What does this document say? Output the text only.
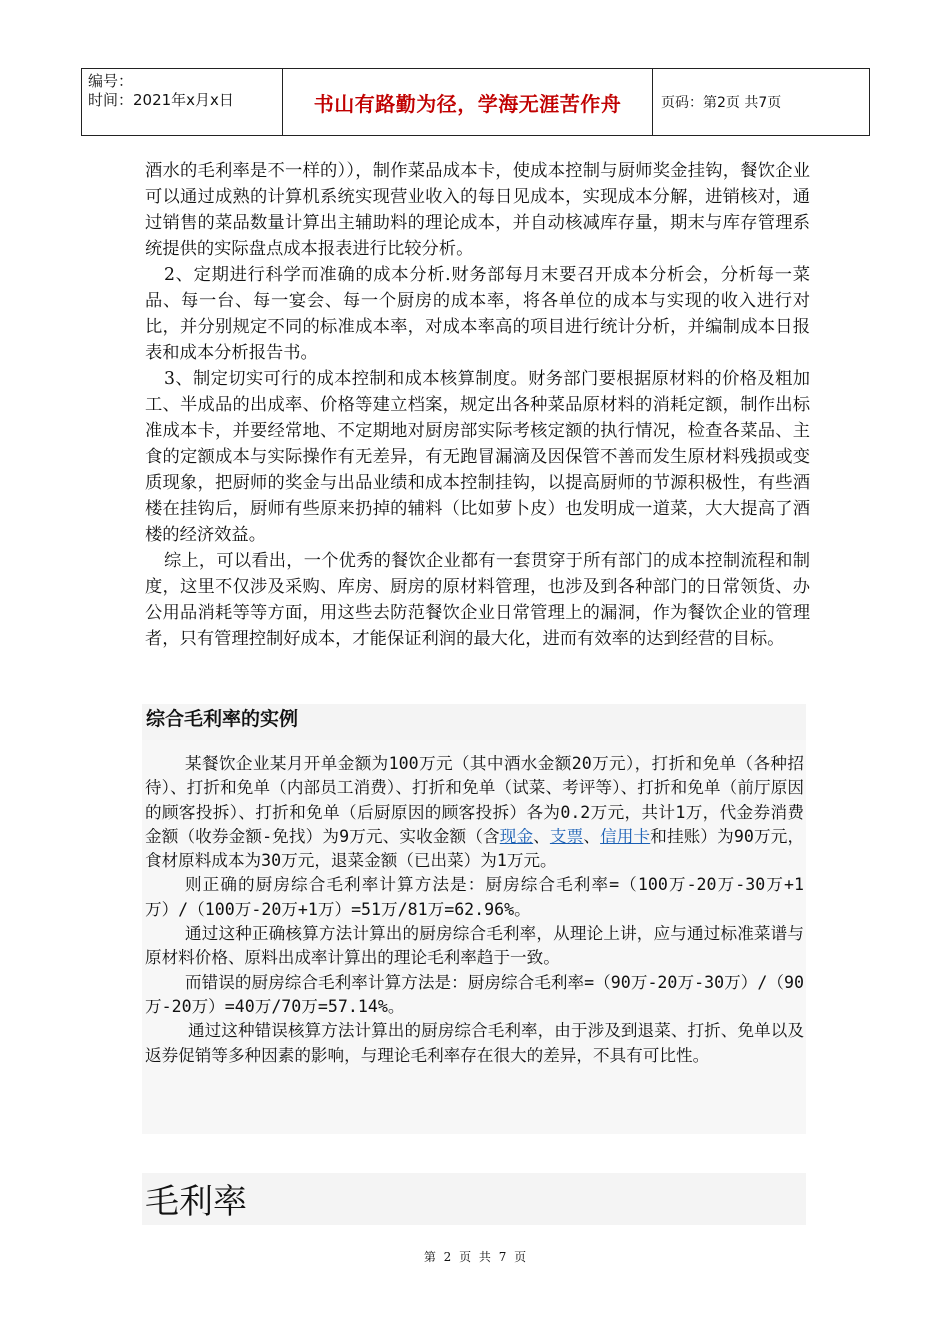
编号：
时间：2021年x月x日	书山有路勤为径，学海无涯苦作舟	页码：第2页 共7页

酒水的毛利率是不一样的）），制作菜品成本卡，使成本控制与厨师奖金挂钩，餐饮企业可以通过成熟的计算机系统实现营业收入的每日见成本，实现成本分解，进销核对，通过销售的菜品数量计算出主辅助料的理论成本，并自动核减库存量，期末与库存管理系统提供的实际盘点成本报表进行比较分析。

2、定期进行科学而准确的成本分析.财务部每月末要召开成本分析会，分析每一菜品、每一台、每一宴会、每一个厨房的成本率，将各单位的成本与实现的收入进行对比，并分别规定不同的标准成本率，对成本率高的项目进行统计分析，并编制成本日报表和成本分析报告书。

3、制定切实可行的成本控制和成本核算制度。财务部门要根据原材料的价格及粗加工、半成品的出成率、价格等建立档案，规定出各种菜品原材料的消耗定额，制作出标准成本卡，并要经常地、不定期地对厨房部实际考核定额的执行情况，检查各菜品、主食的定额成本与实际操作有无差异，有无跑冒漏滴及因保管不善而发生原材料残损或变质现象，把厨师的奖金与出品业绩和成本控制挂钩，以提高厨师的节源积极性，有些酒楼在挂钩后，厨师有些原来扔掉的辅料（比如萝卜皮）也发明成一道菜，大大提高了酒楼的经济效益。

综上，可以看出，一个优秀的餐饮企业都有一套贯穿于所有部门的成本控制流程和制度，这里不仅涉及采购、库房、厨房的原材料管理，也涉及到各种部门的日常领货、办公用品消耗等等方面，用这些去防范餐饮企业日常管理上的漏洞，作为餐饮企业的管理者，只有管理控制好成本，才能保证利润的最大化，进而有效率的达到经营的目标。

综合毛利率的实例

某餐饮企业某月开单金额为100万元（其中酒水金额20万元），打折和免单（各种招待）、打折和免单（内部员工消费）、打折和免单（试菜、考评等）、打折和免单（前厅原因的顾客投拆）、打折和免单（后厨原因的顾客投拆）各为0.2万元，共计1万，代金券消费金额（收券金额-免找）为9万元、实收金额（含现金、支票、信用卡和挂账）为90万元，食材原料成本为30万元，退菜金额（已出菜）为1万元。

则正确的厨房综合毛利率计算方法是：厨房综合毛利率=（100万-20万-30万+1万）/（100万-20万+1万）=51万/81万=62.96%。

通过这种正确核算方法计算出的厨房综合毛利率，从理论上讲，应与通过标准菜谱与原材料价格、原料出成率计算出的理论毛利率趋于一致。

而错误的厨房综合毛利率计算方法是：厨房综合毛利率=（90万-20万-30万）/（90万-20万）=40万/70万=57.14%。

通过这种错误核算方法计算出的厨房综合毛利率，由于涉及到退菜、打折、免单以及返券促销等多种因素的影响，与理论毛利率存在很大的差异，不具有可比性。

毛利率
第 2 页 共 7 页
